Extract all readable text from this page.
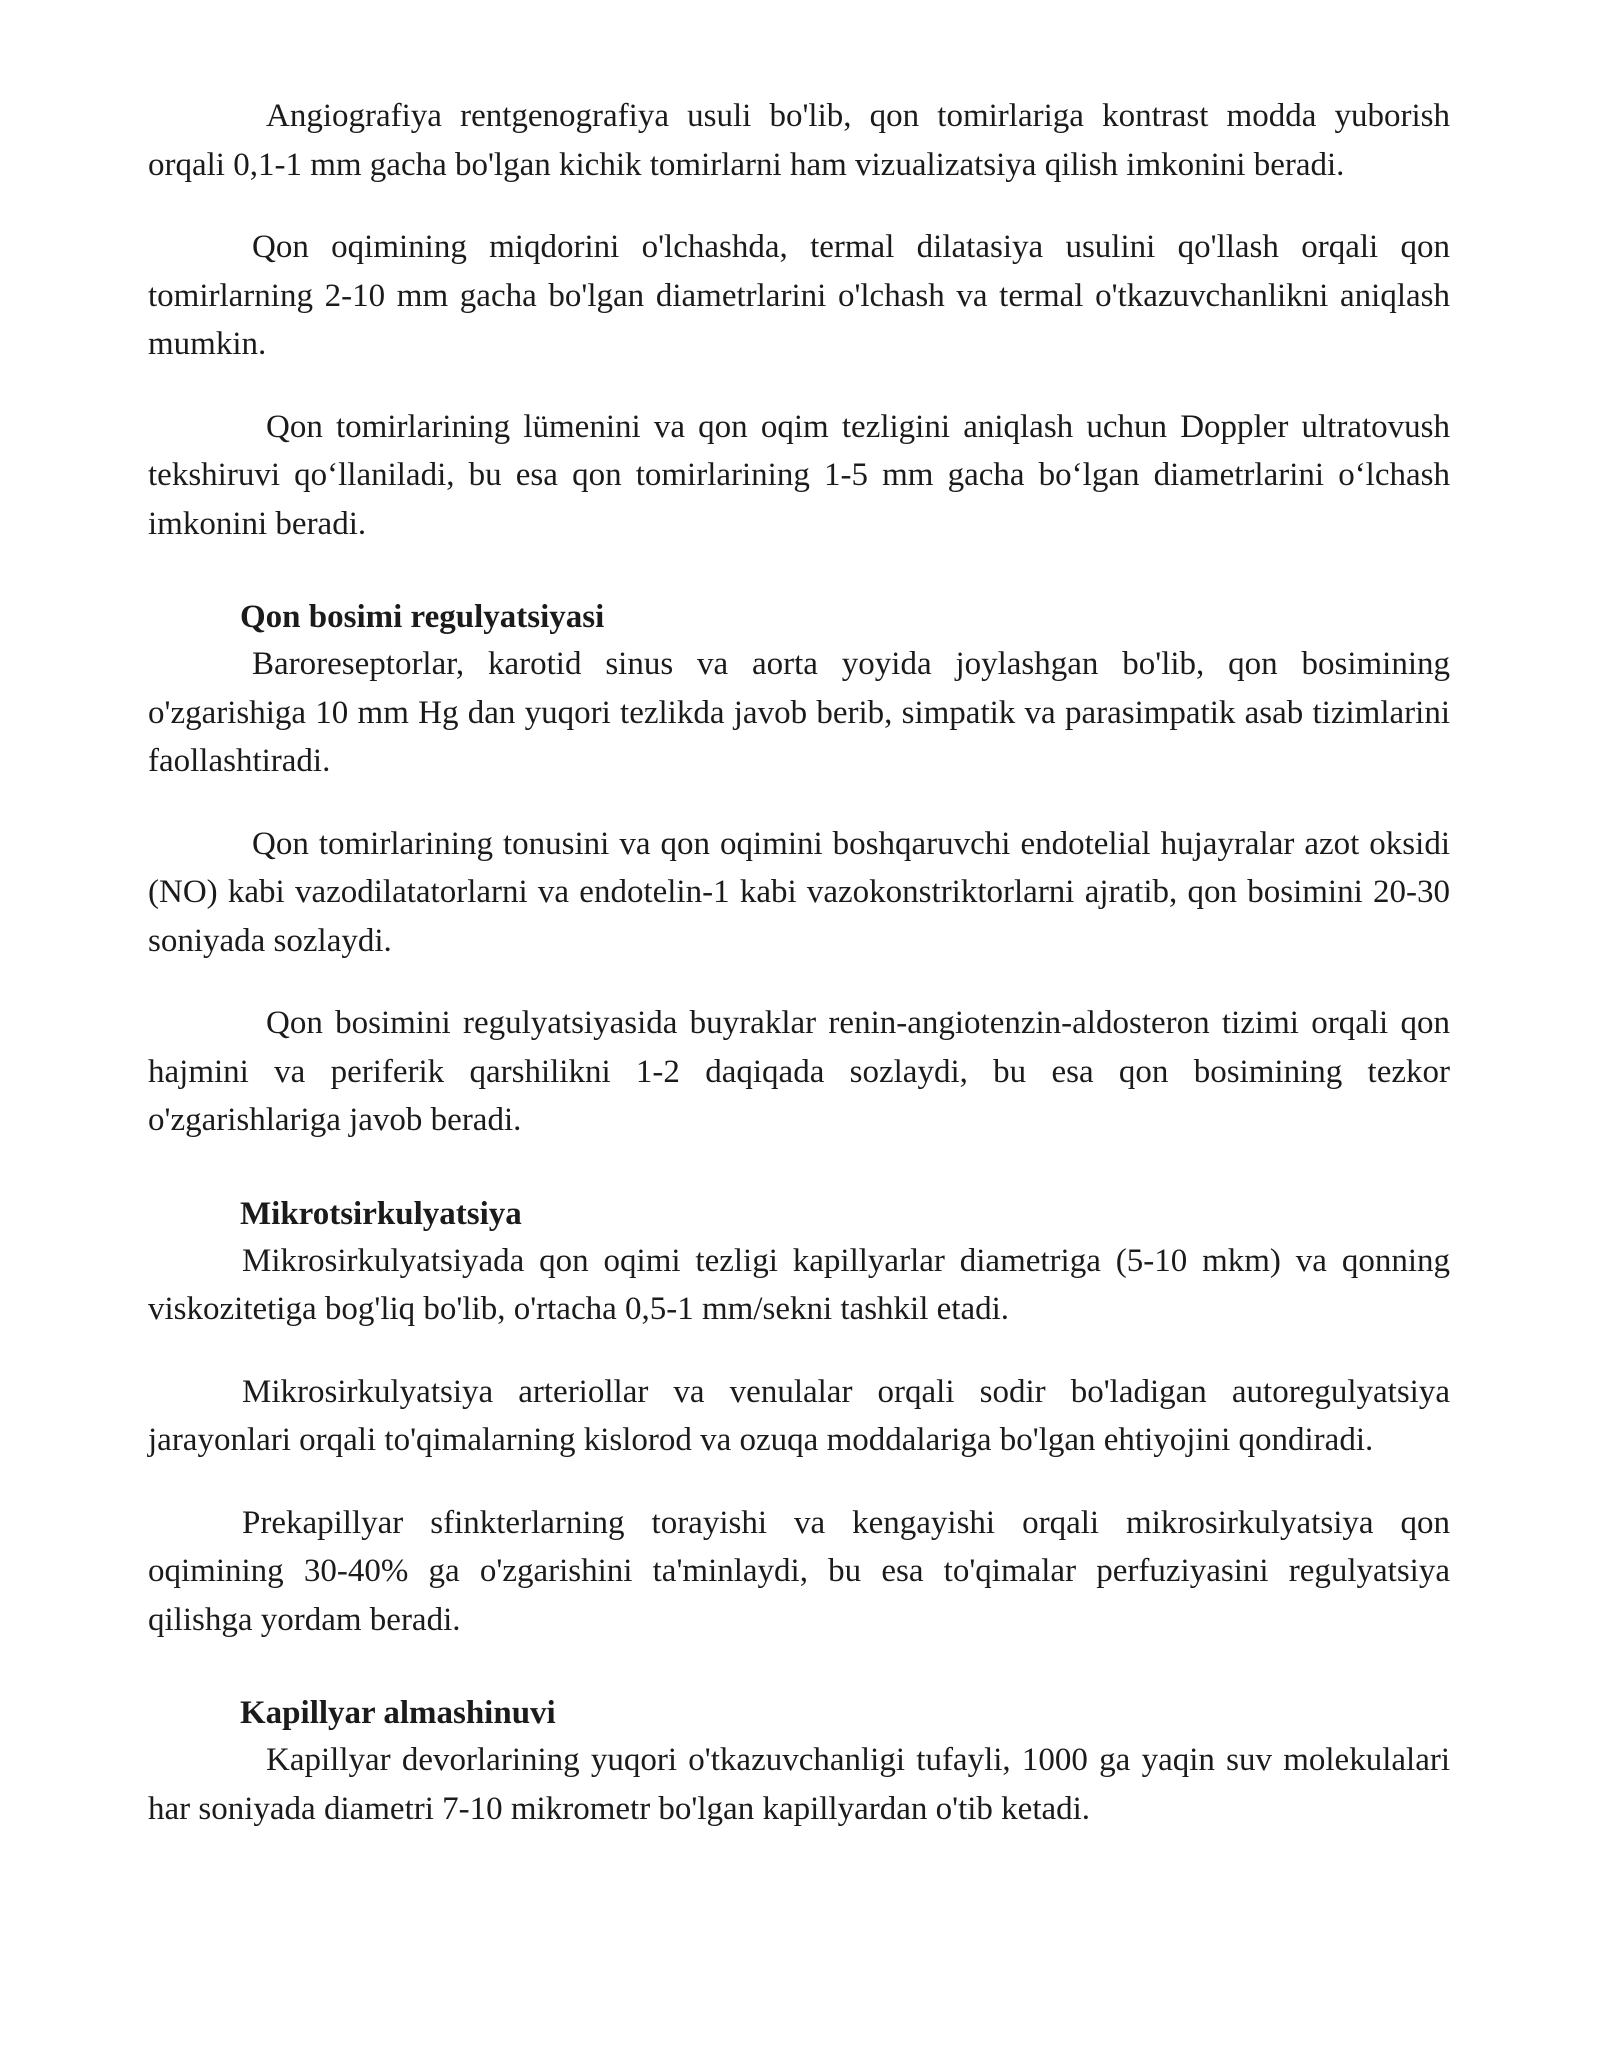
Angiografiya rentgenografiya usuli bo'lib, qon tomirlariga kontrast modda yuborish orqali 0,1-1 mm gacha bo'lgan kichik tomirlarni ham vizualizatsiya qilish imkonini beradi.

Qon oqimining miqdorini o'lchashda, termal dilatasiya usulini qo'llash orqali qon tomirlarning 2-10 mm gacha bo'lgan diametrlarini o'lchash va termal o'tkazuvchanlikni aniqlash mumkin.

Qon tomirlarining lümenini va qon oqim tezligini aniqlash uchun Doppler ultratovush tekshiruvi qo‘llaniladi, bu esa qon tomirlarining 1-5 mm gacha bo‘lgan diametrlarini o‘lchash imkonini beradi.

Qon bosimi regulyatsiyasi

Baroreseptorlar, karotid sinus va aorta yoyida joylashgan bo'lib, qon bosimining o'zgarishiga 10 mm Hg dan yuqori tezlikda javob berib, simpatik va parasimpatik asab tizimlarini faollashtiradi.

Qon tomirlarining tonusini va qon oqimini boshqaruvchi endotelial hujayralar azot oksidi (NO) kabi vazodilatatorlarni va endotelin-1 kabi vazokonstriktorlarni ajratib, qon bosimini 20-30 soniyada sozlaydi.

Qon bosimini regulyatsiyasida buyraklar renin-angiotenzin-aldosteron tizimi orqali qon hajmini va periferik qarshilikni 1-2 daqiqada sozlaydi, bu esa qon bosimining tezkor o'zgarishlariga javob beradi.

Mikrotsirkulyatsiya

Mikrosirkulyatsiyada qon oqimi tezligi kapillyarlar diametriga (5-10 mkm) va qonning viskozitetiga bog'liq bo'lib, o'rtacha 0,5-1 mm/sekni tashkil etadi.

Mikrosirkulyatsiya arteriollar va venulalar orqali sodir bo'ladigan autoregulyatsiya jarayonlari orqali to'qimalarning kislorod va ozuqa moddalariga bo'lgan ehtiyojini qondiradi.

Prekapillyar sfinkterlarning torayishi va kengayishi orqali mikrosirkulyatsiya qon oqimining 30-40% ga o'zgarishini ta'minlaydi, bu esa to'qimalar perfuziyasini regulyatsiya qilishga yordam beradi.

Kapillyar almashinuvi

Kapillyar devorlarining yuqori o'tkazuvchanligi tufayli, 1000 ga yaqin suv molekulalari har soniyada diametri 7-10 mikrometr bo'lgan kapillyardan o'tib ketadi.
